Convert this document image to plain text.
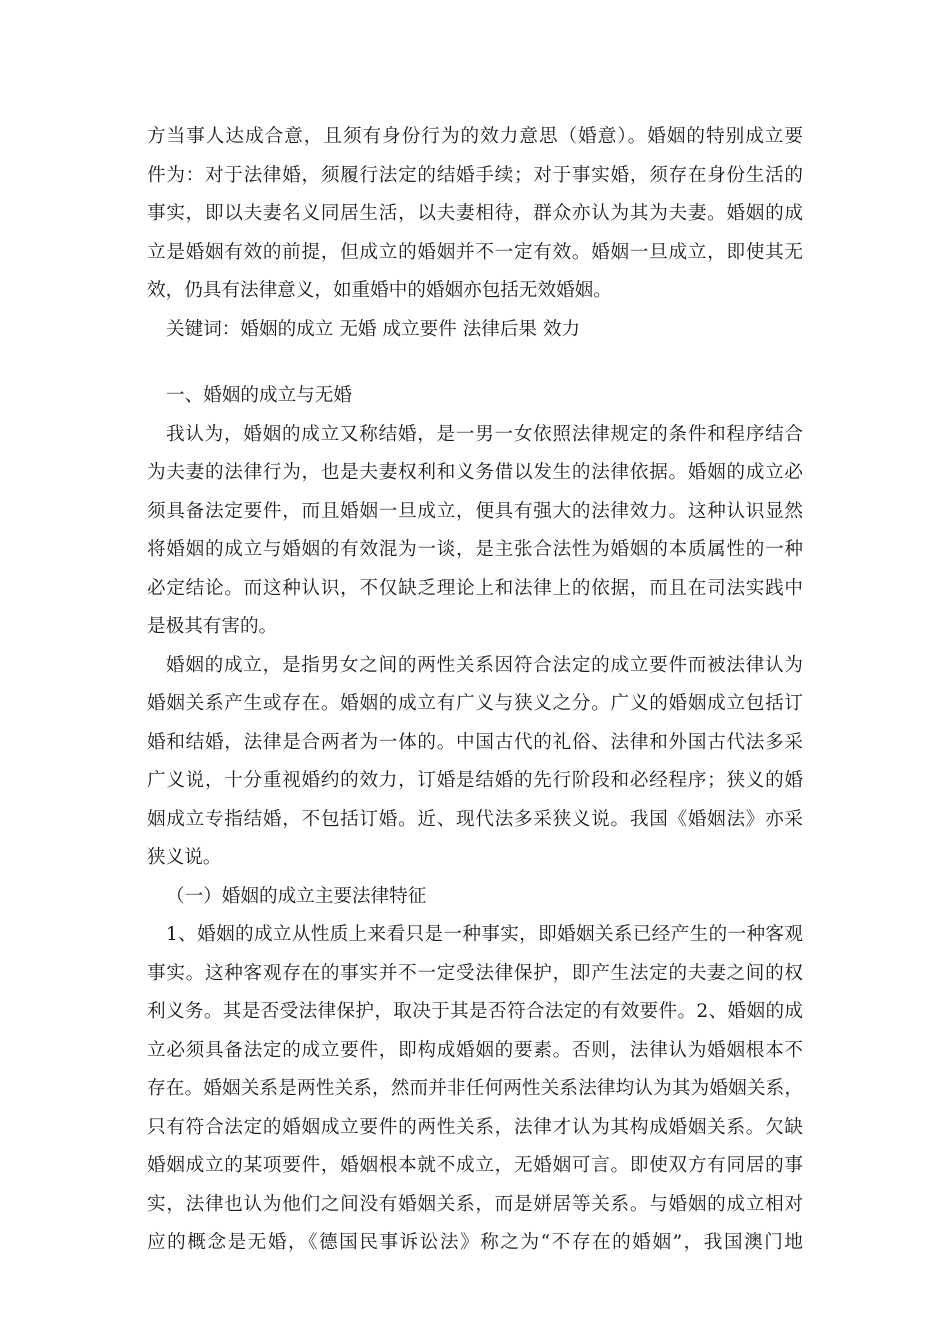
方当事人达成合意，且须有身份行为的效力意思（婚意）。婚姻的特别成立要
件为：对于法律婚，须履行法定的结婚手续；对于事实婚，须存在身份生活的
事实，即以夫妻名义同居生活，以夫妻相待，群众亦认为其为夫妻。婚姻的成
立是婚姻有效的前提，但成立的婚姻并不一定有效。婚姻一旦成立，即使其无
效，仍具有法律意义，如重婚中的婚姻亦包括无效婚姻。
关键词：婚姻的成立 无婚 成立要件 法律后果 效力
一、婚姻的成立与无婚
我认为，婚姻的成立又称结婚，是一男一女依照法律规定的条件和程序结合
为夫妻的法律行为，也是夫妻权利和义务借以发生的法律依据。婚姻的成立必
须具备法定要件，而且婚姻一旦成立，便具有强大的法律效力。这种认识显然
将婚姻的成立与婚姻的有效混为一谈，是主张合法性为婚姻的本质属性的一种
必定结论。而这种认识，不仅缺乏理论上和法律上的依据，而且在司法实践中
是极其有害的。
婚姻的成立，是指男女之间的两性关系因符合法定的成立要件而被法律认为
婚姻关系产生或存在。婚姻的成立有广义与狭义之分。广义的婚姻成立包括订
婚和结婚，法律是合两者为一体的。中国古代的礼俗、法律和外国古代法多采
广义说，十分重视婚约的效力，订婚是结婚的先行阶段和必经程序；狭义的婚
姻成立专指结婚，不包括订婚。近、现代法多采狭义说。我国《婚姻法》亦采
狭义说。
（一）婚姻的成立主要法律特征
1、婚姻的成立从性质上来看只是一种事实，即婚姻关系已经产生的一种客观
事实。这种客观存在的事实并不一定受法律保护，即产生法定的夫妻之间的权
利义务。其是否受法律保护，取决于其是否符合法定的有效要件。2、婚姻的成
立必须具备法定的成立要件，即构成婚姻的要素。否则，法律认为婚姻根本不
存在。婚姻关系是两性关系，然而并非任何两性关系法律均认为其为婚姻关系，
只有符合法定的婚姻成立要件的两性关系，法律才认为其构成婚姻关系。欠缺
婚姻成立的某项要件，婚姻根本就不成立，无婚姻可言。即使双方有同居的事
实，法律也认为他们之间没有婚姻关系，而是姘居等关系。与婚姻的成立相对
应的概念是无婚，《德国民事诉讼法》称之为“不存在的婚姻”，我国澳门地
